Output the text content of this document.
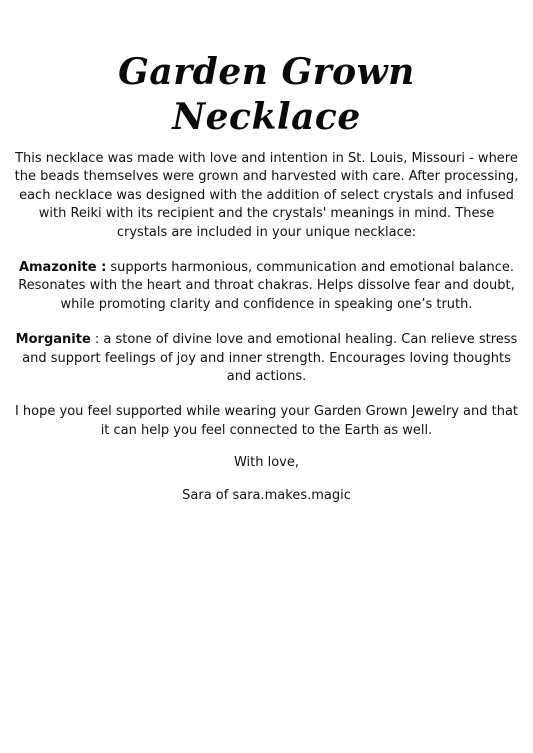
Garden Grown
Necklace

This necklace was made with love and intention in St. Louis, Missouri - where the beads themselves were grown and harvested with care. After processing, each necklace was designed with the addition of select crystals and infused with Reiki with its recipient and the crystals' meanings in mind. These crystals are included in your unique necklace:

Amazonite : supports harmonious, communication and emotional balance. Resonates with the heart and throat chakras. Helps dissolve fear and doubt, while promoting clarity and confidence in speaking one’s truth.

Morganite : a stone of divine love and emotional healing. Can relieve stress and support feelings of joy and inner strength. Encourages loving thoughts and actions.

I hope you feel supported while wearing your Garden Grown Jewelry and that it can help you feel connected to the Earth as well.

With love,

Sara of sara.makes.magic
